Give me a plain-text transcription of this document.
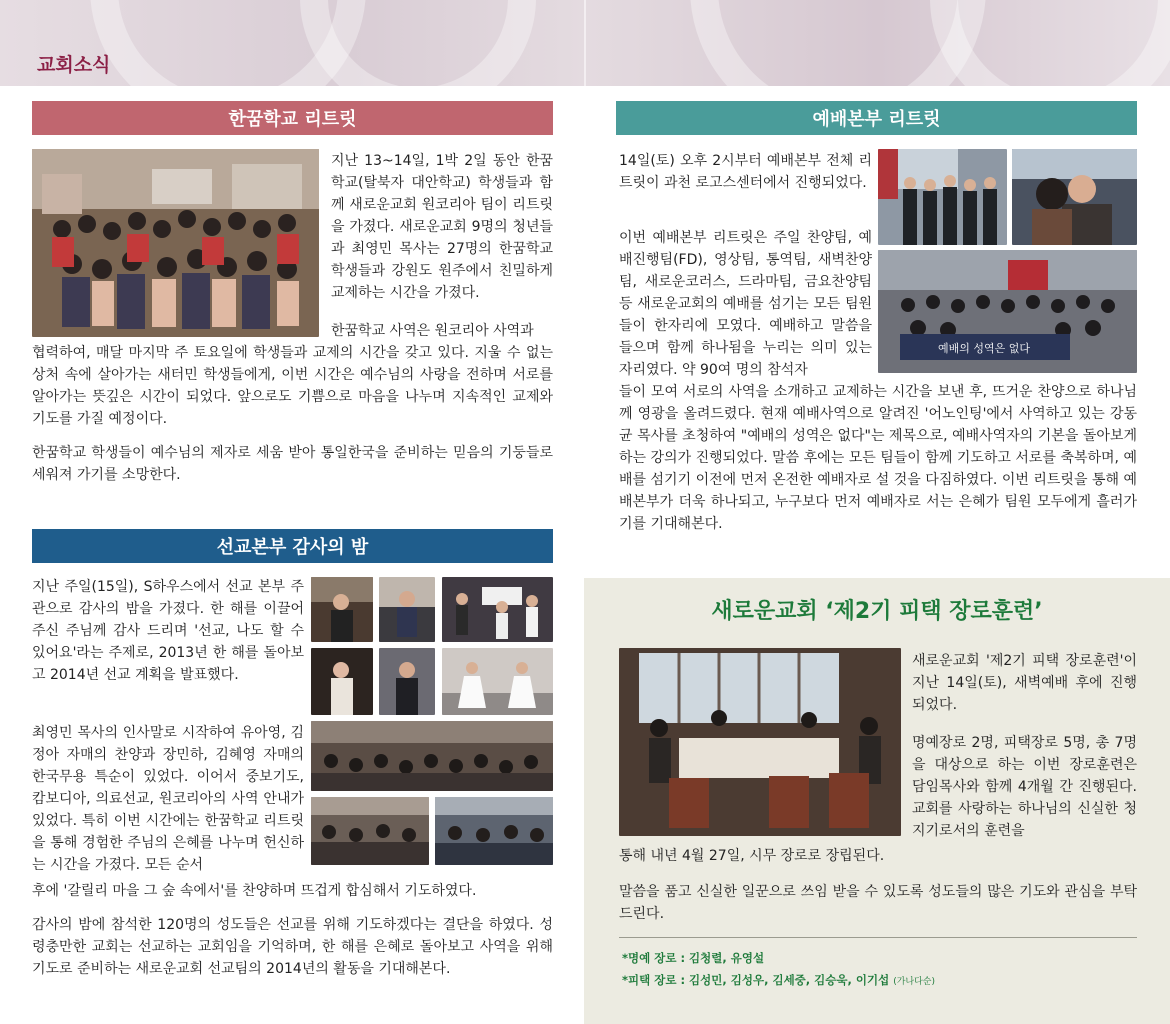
교회소식
한꿈학교 리트릿

지난 13~14일, 1박 2일 동안 한꿈학교(탈북자 대안학교) 학생들과 함께 새로운교회 원코리아 팀이 리트릿을 가졌다. 새로운교회 9명의 청년들과 최영민 목사는 27명의 한꿈학교 학생들과 강원도 원주에서 친밀하게 교제하는 시간을 가졌다.

한꿈학교 사역은 원코리아 사역과

협력하여, 매달 마지막 주 토요일에 학생들과 교제의 시간을 갖고 있다. 지울 수 없는 상처 속에 살아가는 새터민 학생들에게, 이번 시간은 예수님의 사랑을 전하며 서로를 알아가는 뜻깊은 시간이 되었다. 앞으로도 기쁨으로 마음을 나누며 지속적인 교제와 기도를 가질 예정이다.

한꿈학교 학생들이 예수님의 제자로 세움 받아 통일한국을 준비하는 믿음의 기둥들로 세워져 가기를 소망한다.

선교본부 감사의 밤

지난 주일(15일), S하우스에서 선교 본부 주관으로 감사의 밤을 가졌다. 한 해를 이끌어주신 주님께 감사 드리며 '선교, 나도 할 수 있어요'라는 주제로, 2013년 한 해를 돌아보고 2014년 선교 계획을 발표했다.

최영민 목사의 인사말로 시작하여 유아영, 김정아 자매의 찬양과 장민하, 김혜영 자매의 한국무용 특순이 있었다. 이어서 중보기도, 캄보디아, 의료선교, 원코리아의 사역 안내가 있었다. 특히 이번 시간에는 한꿈학교 리트릿을 통해 경험한 주님의 은혜를 나누며 헌신하는 시간을 가졌다. 모든 순서

후에 '갈릴리 마을 그 숲 속에서'를 찬양하며 뜨겁게 합심해서 기도하였다.

감사의 밤에 참석한 120명의 성도들은 선교를 위해 기도하겠다는 결단을 하였다. 성령충만한 교회는 선교하는 교회임을 기억하며, 한 해를 은혜로 돌아보고 사역을 위해 기도로 준비하는 새로운교회 선교팀의 2014년의 활동을 기대해본다.

예배본부 리트릿

14일(토) 오후 2시부터 예배본부 전체 리트릿이 과천 로고스센터에서 진행되었다.

이번 예배본부 리트릿은 주일 찬양팀, 예배진행팀(FD), 영상팀, 통역팀, 새벽찬양팀, 새로운코러스, 드라마팀, 금요찬양팀 등 새로운교회의 예배를 섬기는 모든 팀원들이 한자리에 모였다. 예배하고 말씀을 들으며 함께 하나됨을 누리는 의미 있는 자리였다. 약 90여 명의 참석자

들이 모여 서로의 사역을 소개하고 교제하는 시간을 보낸 후, 뜨거운 찬양으로 하나님께 영광을 올려드렸다. 현재 예배사역으로 알려진 '어노인팅'에서 사역하고 있는 강동균 목사를 초청하여 "예배의 성역은 없다"는 제목으로, 예배사역자의 기본을 돌아보게 하는 강의가 진행되었다. 말씀 후에는 모든 팀들이 함께 기도하고 서로를 축복하며, 예배를 섬기기 이전에 먼저 온전한 예배자로 설 것을 다짐하였다. 이번 리트릿을 통해 예배본부가 더욱 하나되고, 누구보다 먼저 예배자로 서는 은혜가 팀원 모두에게 흘러가기를 기대해본다.

예배의 성역은 없다
새로운교회 ‘제2기 피택 장로훈련’

새로운교회 '제2기 피택 장로훈련'이 지난 14일(토), 새벽예배 후에 진행되었다.

명예장로 2명, 피택장로 5명, 총 7명을 대상으로 하는 이번 장로훈련은 담임목사와 함께 4개월 간 진행된다. 교회를 사랑하는 하나님의 신실한 청지기로서의 훈련을

통해 내년 4월 27일, 시무 장로로 장립된다.

말씀을 품고 신실한 일꾼으로 쓰임 받을 수 있도록 성도들의 많은 기도와 관심을 부탁드린다.

*명예 장로 : 김청렬, 유영설
*피택 장로 : 김성민, 김성우, 김세중, 김승욱, 이기섭 (가나다순)
